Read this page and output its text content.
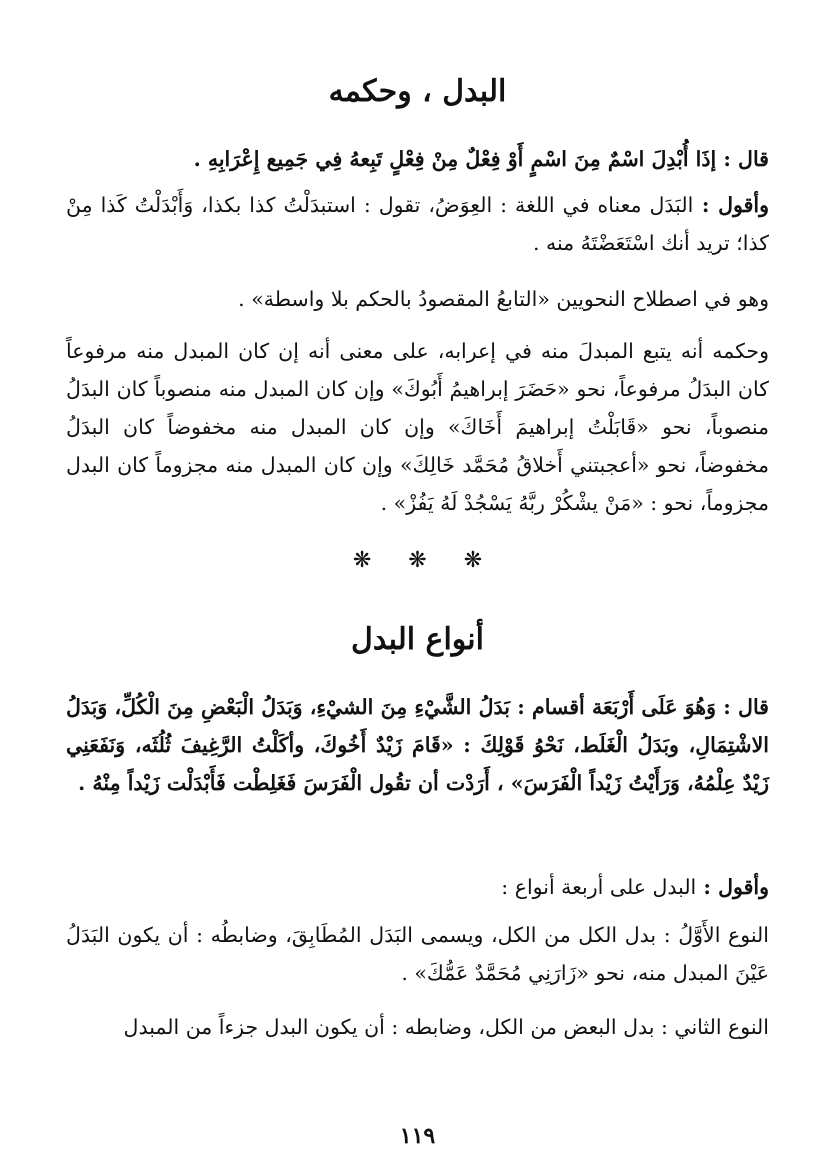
البدل ، وحكمه
قال : إذَا أُبْدِلَ اسْمٌ مِنَ اسْمٍ أَوْ فِعْلٌ مِنْ فِعْلٍ تَبِعهُ فِي جَمِيع إِعْرَابِهِ .
وأقول : البَدَل معناه في اللغة : العِوَضُ، تقول : استبدَلْتُ كذا بكذا، وَأَبْدَلْتُ كَذا مِنْ كذا؛ تريد أنك اسْتَعَضْتَهُ منه .
وهو في اصطلاح النحويين «التابعُ المقصودُ بالحكم بلا واسطة» .
وحكمه أنه يتبع المبدلَ منه في إعرابه، على معنى أنه إن كان المبدل منه مرفوعاً كان البدَلُ مرفوعاً، نحو «حَضَرَ إبراهيمُ أَبُوكَ» وإن كان المبدل منه منصوباً كان البدَلُ منصوباً، نحو «قَابَلْتُ إبراهيمَ أَخَاكَ» وإن كان المبدل منه مخفوضاً كان البدَلُ مخفوضاً، نحو «أعجبتني أَخلاقُ مُحَمَّد خَالِكَ» وإن كان المبدل منه مجزوماً كان البدل مجزوماً، نحو : «مَنْ يشْكُرْ ربَّهُ يَسْجُدْ لَهُ يَفُزْ» .
❋ ❋ ❋
أنواع البدل
قال : وَهُوَ عَلَى أَرْبَعَة أقسام : بَدَلُ الشَّيْءِ مِنَ الشيْءِ، وَبَدَلُ الْبَعْضِ مِنَ الْكُلِّ، وَبَدَلُ الاشْتِمَالِ، وبَدَلُ الْغَلَط، نَحْوُ قَوْلِكَ : «قَامَ زَيْدٌ أَخُوكَ، وأكَلْتُ الرَّغِيفَ ثُلُثَه، وَنَفَعَنِي زَيْدٌ عِلْمُهُ، وَرَأَيْتُ زَيْداً الْفَرَسَ» ، أَرَدْت أن تقُول الْفَرَسَ فَغَلِطْت فَأَبْدَلْت زَيْداً مِنْهُ .
وأقول : البدل على أربعة أنواع :
النوع الأَوَّلُ : بدل الكل من الكل، ويسمى البَدَل المُطَابِقَ، وضابطُه : أن يكون البَدَلُ عَيْنَ المبدل منه، نحو «زَارَنِي مُحَمَّدٌ عَمُّكَ» .
النوع الثاني : بدل البعض من الكل، وضابطه : أن يكون البدل جزءاً من المبدل
١١٩
